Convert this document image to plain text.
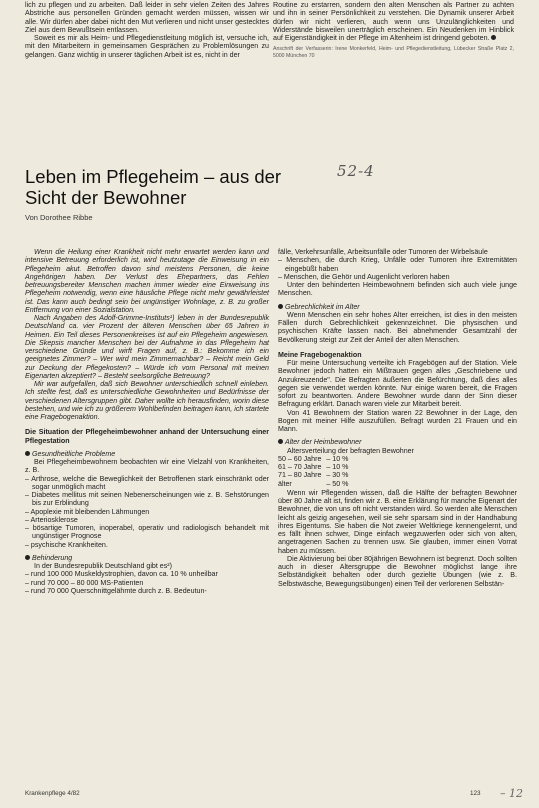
lich zu pflegen und zu arbeiten. Daß leider in sehr vielen Zeiten des Jahres Abstriche aus personellen Gründen gemacht werden müssen, wissen wir alle. Wir dürfen aber dabei nicht den Mut verlieren und nicht unser gestecktes Ziel aus dem Bewußtsein entlassen.

Soweit es mir als Heim- und Pflegedienstleitung möglich ist, versuche ich, mit den Mitarbeitern in gemeinsamen Gesprächen zu Problemlösungen zu gelangen. Ganz wichtig in unserer täglichen Arbeit ist es, nicht in der

Routine zu erstarren, sondern den alten Menschen als Partner zu achten und ihn in seiner Persönlichkeit zu verstehen. Die Dynamik unserer Arbeit dürfen wir nicht verlieren, auch wenn uns Unzulänglichkeiten und Widerstände bisweilen unerträglich erscheinen. Ein Neudenken im Hinblick auf Eigenständigkeit in der Pflege im Altenheim ist dringend geboten.

Anschrift der Verfasserin: Irene Monkerfeld, Heim- und Pflegedienstleitung, Lübecker Straße Platz 2, 5000 München 70

Leben im Pflegeheim – aus der Sicht der Bewohner
52-4

Von Dorothee Ribbe

Wenn die Heilung einer Krankheit nicht mehr erwartet werden kann und intensive Betreuung erforderlich ist, wird heutzutage die Einweisung in ein Pflegeheim akut. Betroffen davon sind meistens Personen, die keine Angehörigen haben. Der Verlust des Ehepartners, das Fehlen betreuungsbereiter Menschen machen immer wieder eine Einweisung ins Pflegeheim notwendig, wenn eine häusliche Pflege nicht mehr gewährleistet ist. Das kann auch bedingt sein bei ungünstiger Wohnlage, z. B. zu großer Entfernung von einer Sozialstation.

Nach Angaben des Adolf-Grimme-Instituts¹) leben in der Bundesrepublik Deutschland ca. vier Prozent der älteren Menschen über 65 Jahren in Heimen. Ein Teil dieses Personenkreises ist auf ein Pflegeheim angewiesen. Die Skepsis mancher Menschen bei der Aufnahme in das Pflegeheim hat verschiedene Gründe und wirft Fragen auf, z. B.: Bekomme ich ein geeignetes Zimmer? – Wer wird mein Zimmernachbar? – Reicht mein Geld zur Deckung der Pflegekosten? – Würde ich vom Personal mit meinen Eigenarten akzeptiert? – Besteht seelsorgliche Betreuung?

Mir war aufgefallen, daß sich Bewohner unterschiedlich schnell einleben. Ich stellte fest, daß es unterschiedliche Gewohnheiten und Bedürfnisse der verschiedenen Altersgruppen gibt. Daher wollte ich herausfinden, worin diese bestehen, und wie ich zu größerem Wohlbefinden beitragen kann, ich startete eine Fragebogenaktion.

Die Situation der Pflegeheimbewohner anhand der Untersuchung einer Pflegestation

Gesundheitliche Probleme

Bei Pflegeheimbewohnern beobachten wir eine Vielzahl von Krankheiten, z. B.

– Arthrose, welche die Beweglichkeit der Betroffenen stark einschränkt oder sogar unmöglich macht
– Diabetes mellitus mit seinen Nebenerscheinungen wie z. B. Sehstörungen bis zur Erblindung
– Apoplexie mit bleibenden Lähmungen
– Arteriosklerose
– bösartige Tumoren, inoperabel, operativ und radiologisch behandelt mit ungünstiger Prognose
– psychische Krankheiten.

Behinderung

In der Bundesrepublik Deutschland gibt es²)

– rund 100 000 Muskeldystrophien, davon ca. 10 % unheilbar
– rund 70 000 – 80 000 MS-Patienten
– rund 70 000 Querschnittgelähmte durch z. B. Bedeutun-

fälle, Verkehrsunfälle, Arbeitsunfälle oder Tumoren der Wirbelsäule

– Menschen, die durch Krieg, Unfälle oder Tumoren ihre Extremitäten eingebüßt haben
– Menschen, die Gehör und Augenlicht verloren haben

Unter den behinderten Heimbewohnern befinden sich auch viele junge Menschen.

Gebrechlichkeit im Alter

Wenn Menschen ein sehr hohes Alter erreichen, ist dies in den meisten Fällen durch Gebrechlichkeit gekennzeichnet. Die physischen und psychischen Kräfte lassen nach. Bei abnehmender Gesamtzahl der Bevölkerung steigt zur Zeit der Anteil der alten Menschen.

Meine Fragebogenaktion

Für meine Untersuchung verteilte ich Fragebögen auf der Station. Viele Bewohner jedoch hatten ein Mißtrauen gegen alles „Geschriebene und Anzukreuzende". Die Befragten äußerten die Befürchtung, daß dies alles gegen sie verwendet werden könnte. Nur einige waren bereit, die Fragen sofort zu beantworten. Andere Bewohner wurde dann der Sinn dieser Befragung erklärt. Danach waren viele zur Mitarbeit bereit.

Von 41 Bewohnern der Station waren 22 Bewohner in der Lage, den Bogen mit meiner Hilfe auszufüllen. Befragt wurden 21 Frauen und ein Mann.

Alter der Heimbewohner

Altersverteilung der befragten Bewohner

50 – 60 Jahre	– 10 %
61 – 70 Jahre	– 10 %
71 – 80 Jahre	– 30 %
älter	– 50 %

Wenn wir Pflegenden wissen, daß die Hälfte der befragten Bewohner über 80 Jahre alt ist, finden wir z. B. eine Erklärung für manche Eigenart der Bewohner, die von uns oft nicht verstanden wird. So werden alte Menschen leicht als geizig angesehen, weil sie sehr sparsam sind in der Handhabung ihres Eigentums. Sie haben die Not zweier Weltkriege kennengelernt, und es fällt ihnen schwer, Dinge einfach wegzuwerfen oder sich von alten, angetragenen Sachen zu trennen usw. Sie glauben, immer einen Vorrat haben zu müssen.

Die Aktivierung bei über 80jährigen Bewohnern ist begrenzt. Doch sollten auch in dieser Altersgruppe die Bewohner möglichst lange ihre Selbständigkeit behalten oder durch gezielte Übungen (wie z. B. Selbstwäsche, Bewegungsübungen) einen Teil der verlorenen Selbstän-

Krankenpflege 4/82	123 – 12
